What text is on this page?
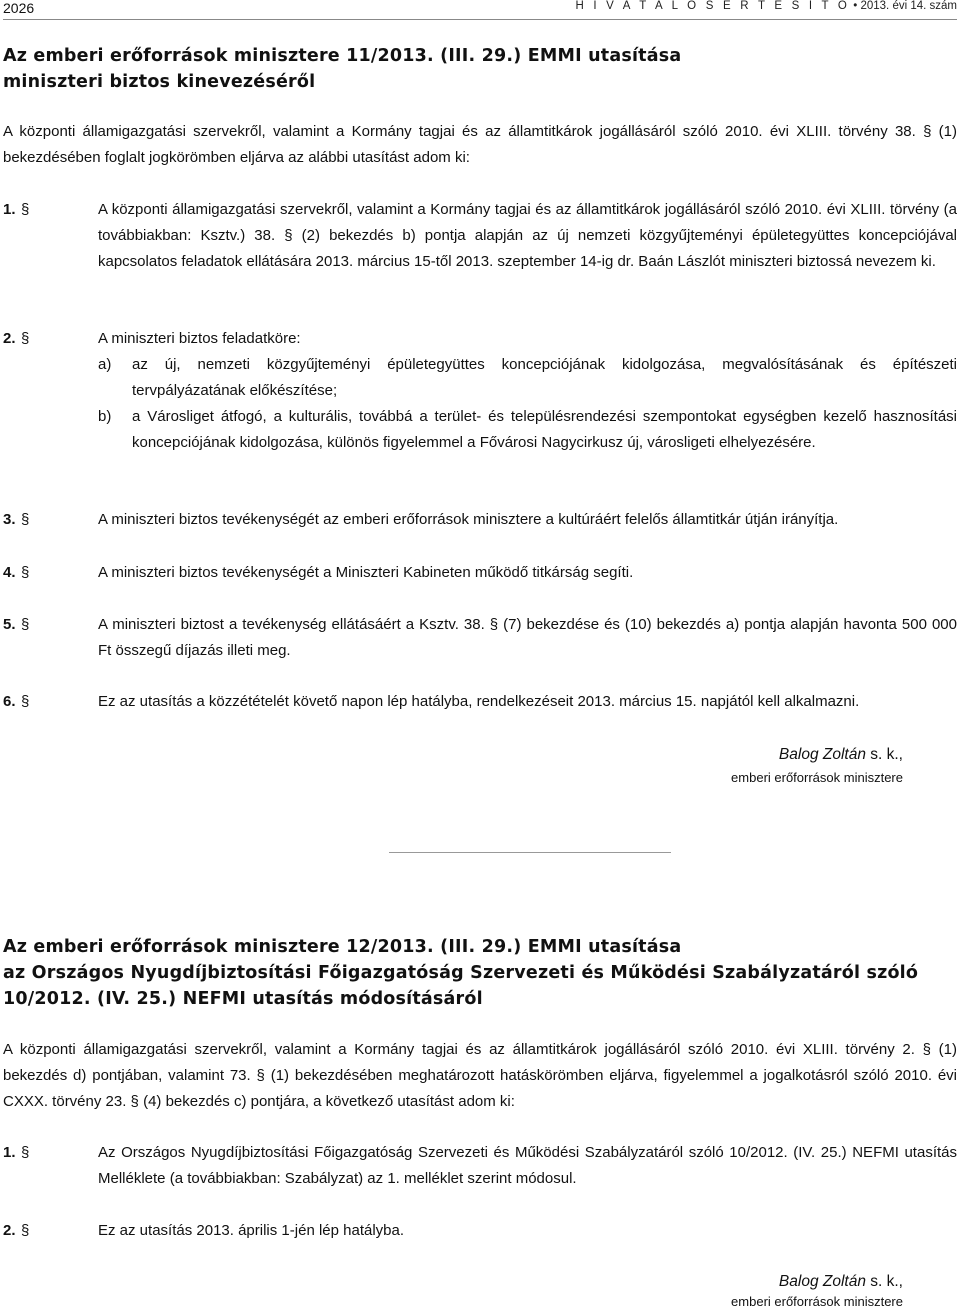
2026	H I V A T A L O S É R T E S Í T Ő • 2013. évi 14. szám
Az emberi erőforrások minisztere 11/2013. (III. 29.) EMMI utasítása
miniszteri biztos kinevezéséről
A központi államigazgatási szervekről, valamint a Kormány tagjai és az államtitkárok jogállásáról szóló 2010. évi XLIII. törvény 38. § (1) bekezdésében foglalt jogkörömben eljárva az alábbi utasítást adom ki:
1. §	A központi államigazgatási szervekről, valamint a Kormány tagjai és az államtitkárok jogállásáról szóló 2010. évi XLIII. törvény (a továbbiakban: Ksztv.) 38. § (2) bekezdés b) pontja alapján az új nemzeti közgyűjteményi épületegyüttes koncepciójával kapcsolatos feladatok ellátására 2013. március 15-től 2013. szeptember 14-ig dr. Baán Lászlót miniszteri biztossá nevezem ki.
2. §	A miniszteri biztos feladatköre:
a) az új, nemzeti közgyűjteményi épületegyüttes koncepciójának kidolgozása, megvalósításának és építészeti tervpályázatának előkészítése;
b) a Városliget átfogó, a kulturális, továbbá a terület- és településrendezési szempontokat egységben kezelő hasznosítási koncepciójának kidolgozása, különös figyelemmel a Fővárosi Nagycirkusz új, városligeti elhelyezésére.
3. §	A miniszteri biztos tevékenységét az emberi erőforrások minisztere a kultúráért felelős államtitkár útján irányítja.
4. §	A miniszteri biztos tevékenységét a Miniszteri Kabineten működő titkárság segíti.
5. §	A miniszteri biztost a tevékenység ellátásáért a Ksztv. 38. § (7) bekezdése és (10) bekezdés a) pontja alapján havonta 500 000 Ft összegű díjazás illeti meg.
6. §	Ez az utasítás a közzétételét követő napon lép hatályba, rendelkezéseit 2013. március 15. napjától kell alkalmazni.
Balog Zoltán s. k.,
emberi erőforrások minisztere
Az emberi erőforrások minisztere 12/2013. (III. 29.) EMMI utasítása
az Országos Nyugdíjbiztosítási Főigazgatóság Szervezeti és Működési Szabályzatáról szóló
10/2012. (IV. 25.) NEFMI utasítás módosításáról
A központi államigazgatási szervekről, valamint a Kormány tagjai és az államtitkárok jogállásáról szóló 2010. évi XLIII. törvény 2. § (1) bekezdés d) pontjában, valamint 73. § (1) bekezdésében meghatározott hatáskörömben eljárva, figyelemmel a jogalkotásról szóló 2010. évi CXXX. törvény 23. § (4) bekezdés c) pontjára, a következő utasítást adom ki:
1. §	Az Országos Nyugdíjbiztosítási Főigazgatóság Szervezeti és Működési Szabályzatáról szóló 10/2012. (IV. 25.) NEFMI utasítás Melléklete (a továbbiakban: Szabályzat) az 1. melléklet szerint módosul.
2. §	Ez az utasítás 2013. április 1-jén lép hatályba.
Balog Zoltán s. k.,
emberi erőforrások minisztere
